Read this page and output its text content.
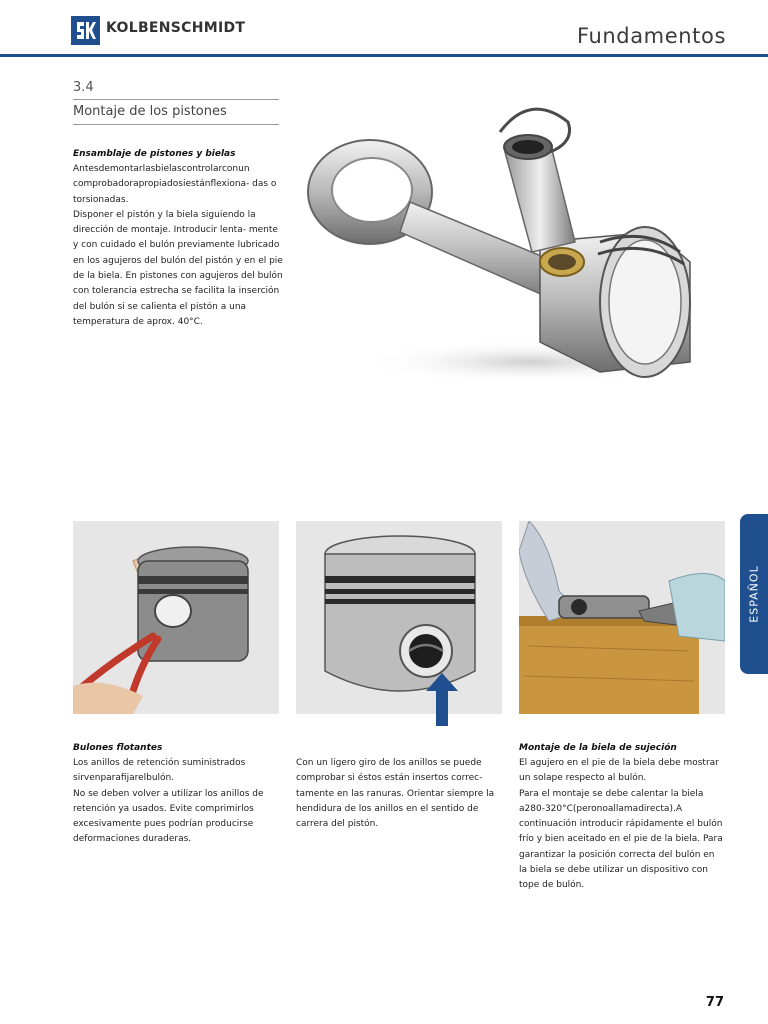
KOLBENSCHMIDT	Fundamentos
3.4
Montaje de los pistones
Ensamblaje de pistones y bielas

Antesdemontarlasbielascontrolarconun comprobadorapropiadosiestánflexiona- das o torsionadas.

Disponer el pistón y la biela siguiendo la dirección de montaje. Introducir lenta- mente y con cuidado el bulón previamente lubricado en los agujeros del bulón del pistón y en el pie de la biela. En pistones con agujeros del bulón con tolerancia estrecha se facilita la inserción del bulón si se calienta el pistón a una temperatura de aprox. 40°C.

Bulones flotantes

Los anillos de retención suministrados sirvenparafijarelbulón.

No se deben volver a utilizar los anillos de retención ya usados. Evite comprimirlos excesivamente pues podrían producirse deformaciones duraderas.

Con un ligero giro de los anillos se puede comprobar si éstos están insertos correc- tamente en las ranuras. Orientar siempre la hendidura de los anillos en el sentido de carrera del pistón.

Montaje de la biela de sujeción

El agujero en el pie de la biela debe mostrar un solape respecto al bulón.

Para el montaje se debe calentar la biela a280-320°C(peronoallamadirecta).A continuación introducir rápidamente el bulón frío y bien aceitado en el pie de la biela. Para garantizar la posición correcta del bulón en la biela se debe utilizar un dispositivo con tope de bulón.

ESPAÑOL
77
